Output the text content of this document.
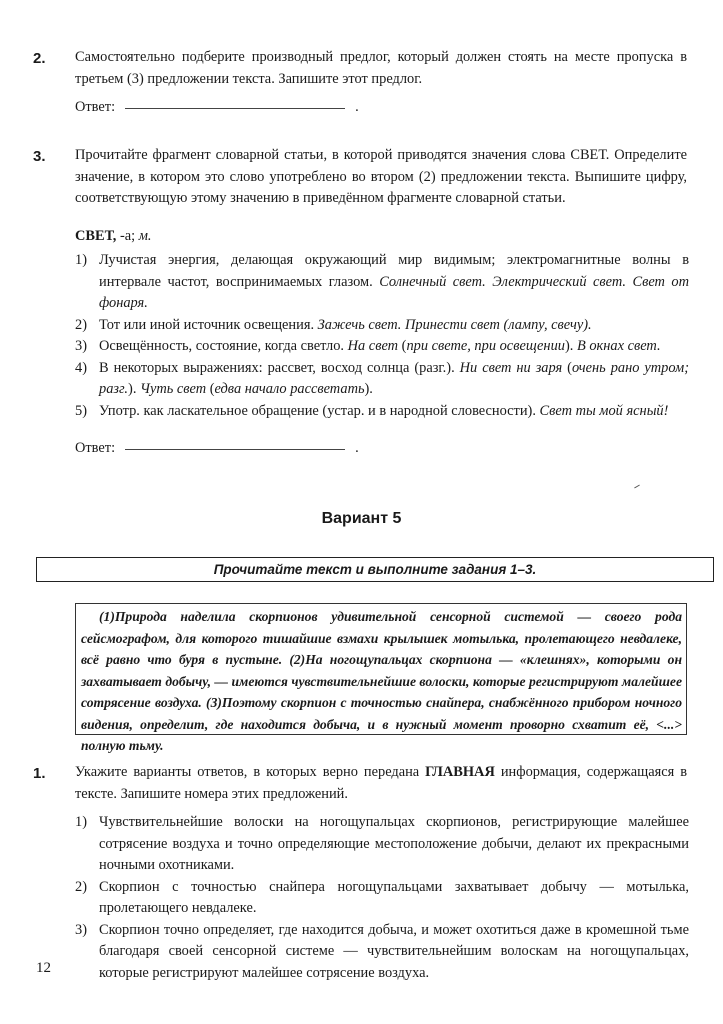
2. Самостоятельно подберите производный предлог, который должен стоять на месте пропуска в третьем (3) предложении текста. Запишите этот предлог.
Ответ:	.
3. Прочитайте фрагмент словарной статьи, в которой приводятся значения слова СВЕТ. Определите значение, в котором это слово употреблено во втором (2) предложении текста. Выпишите цифру, соответствующую этому значению в приведённом фрагменте словарной статьи.
СВЕТ, -а; м.
1) Лучистая энергия, делающая окружающий мир видимым; электромагнитные волны в интервале частот, воспринимаемых глазом. Солнечный свет. Электрический свет. Свет от фонаря.
2) Тот или иной источник освещения. Зажечь свет. Принести свет (лампу, свечу).
3) Освещённость, состояние, когда светло. На свет (при свете, при освещении). В окнах свет.
4) В некоторых выражениях: рассвет, восход солнца (разг.). Ни свет ни заря (очень рано утром; разг.). Чуть свет (едва начало рассветать).
5) Употр. как ласкательное обращение (устар. и в народной словесности). Свет ты мой ясный!
Ответ:	.
Вариант 5
Прочитайте текст и выполните задания 1–3.
(1)Природа наделила скорпионов удивительной сенсорной системой — своего рода сейсмографом, для которого тишайшие взмахи крылышек мотылька, пролетающего невдалеке, всё равно что буря в пустыне. (2)На ногощупальцах скорпиона — «клешнях», которыми он захватывает добычу, — имеются чувствительнейшие волоски, которые регистрируют малейшее сотрясение воздуха. (3)Поэтому скорпион с точностью снайпера, снабжённого прибором ночного видения, определит, где находится добыча, и в нужный момент проворно схватит её, <...> полную тьму.
1. Укажите варианты ответов, в которых верно передана ГЛАВНАЯ информация, содержащаяся в тексте. Запишите номера этих предложений.
1) Чувствительнейшие волоски на ногощупальцах скорпионов, регистрирующие малейшее сотрясение воздуха и точно определяющие местоположение добычи, делают их прекрасными ночными охотниками.
2) Скорпион с точностью снайпера ногощупальцами захватывает добычу — мотылька, пролетающего невдалеке.
3) Скорпион точно определяет, где находится добыча, и может охотиться даже в кромешной тьме благодаря своей сенсорной системе — чувствительнейшим волоскам на ногощупальцах, которые регистрируют малейшее сотрясение воздуха.
12
